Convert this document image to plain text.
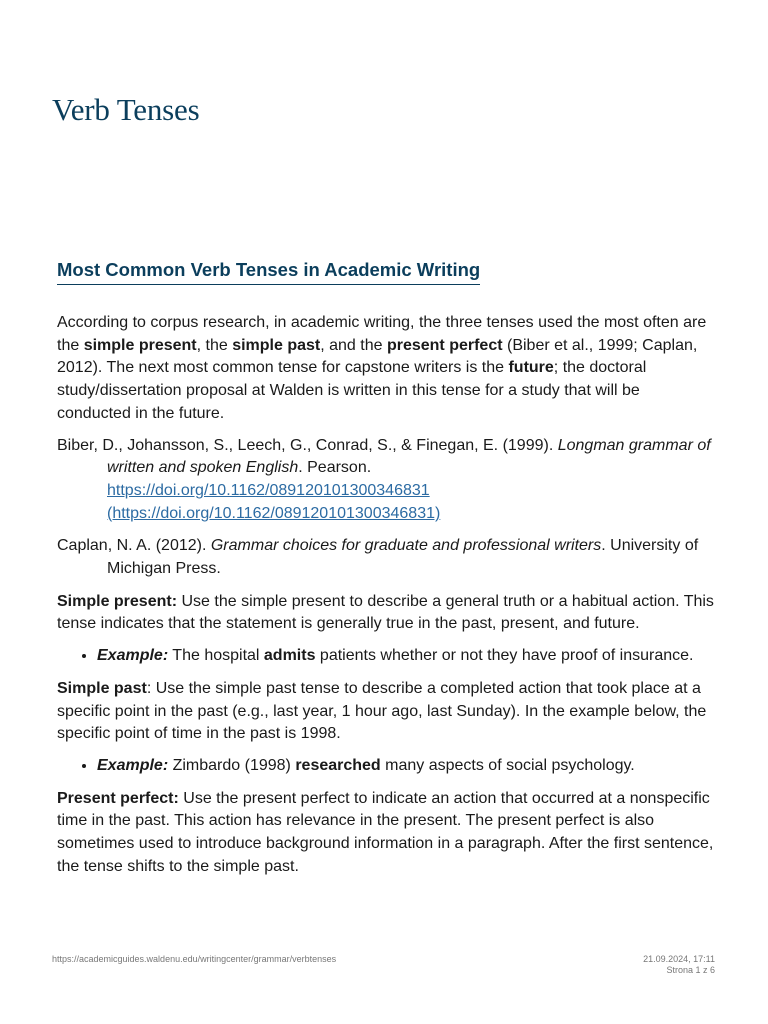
Verb Tenses
Most Common Verb Tenses in Academic Writing

According to corpus research, in academic writing, the three tenses used the most often are the simple present, the simple past, and the present perfect (Biber et al., 1999; Caplan, 2012). The next most common tense for capstone writers is the future; the doctoral study/dissertation proposal at Walden is written in this tense for a study that will be conducted in the future.

Biber, D., Johansson, S., Leech, G., Conrad, S., & Finegan, E. (1999). Longman grammar of written and spoken English. Pearson.
https://doi.org/10.1162/089120101300346831
(https://doi.org/10.1162/089120101300346831)

Caplan, N. A. (2012). Grammar choices for graduate and professional writers. University of Michigan Press.

Simple present: Use the simple present to describe a general truth or a habitual action. This tense indicates that the statement is generally true in the past, present, and future.

• Example: The hospital admits patients whether or not they have proof of insurance.

Simple past: Use the simple past tense to describe a completed action that took place at a specific point in the past (e.g., last year, 1 hour ago, last Sunday). In the example below, the specific point of time in the past is 1998.

• Example: Zimbardo (1998) researched many aspects of social psychology.

Present perfect: Use the present perfect to indicate an action that occurred at a nonspecific time in the past. This action has relevance in the present. The present perfect is also sometimes used to introduce background information in a paragraph. After the first sentence, the tense shifts to the simple past.

https://academicguides.waldenu.edu/writingcenter/grammar/verbtenses	21.09.2024, 17:11
Strona 1 z 6
